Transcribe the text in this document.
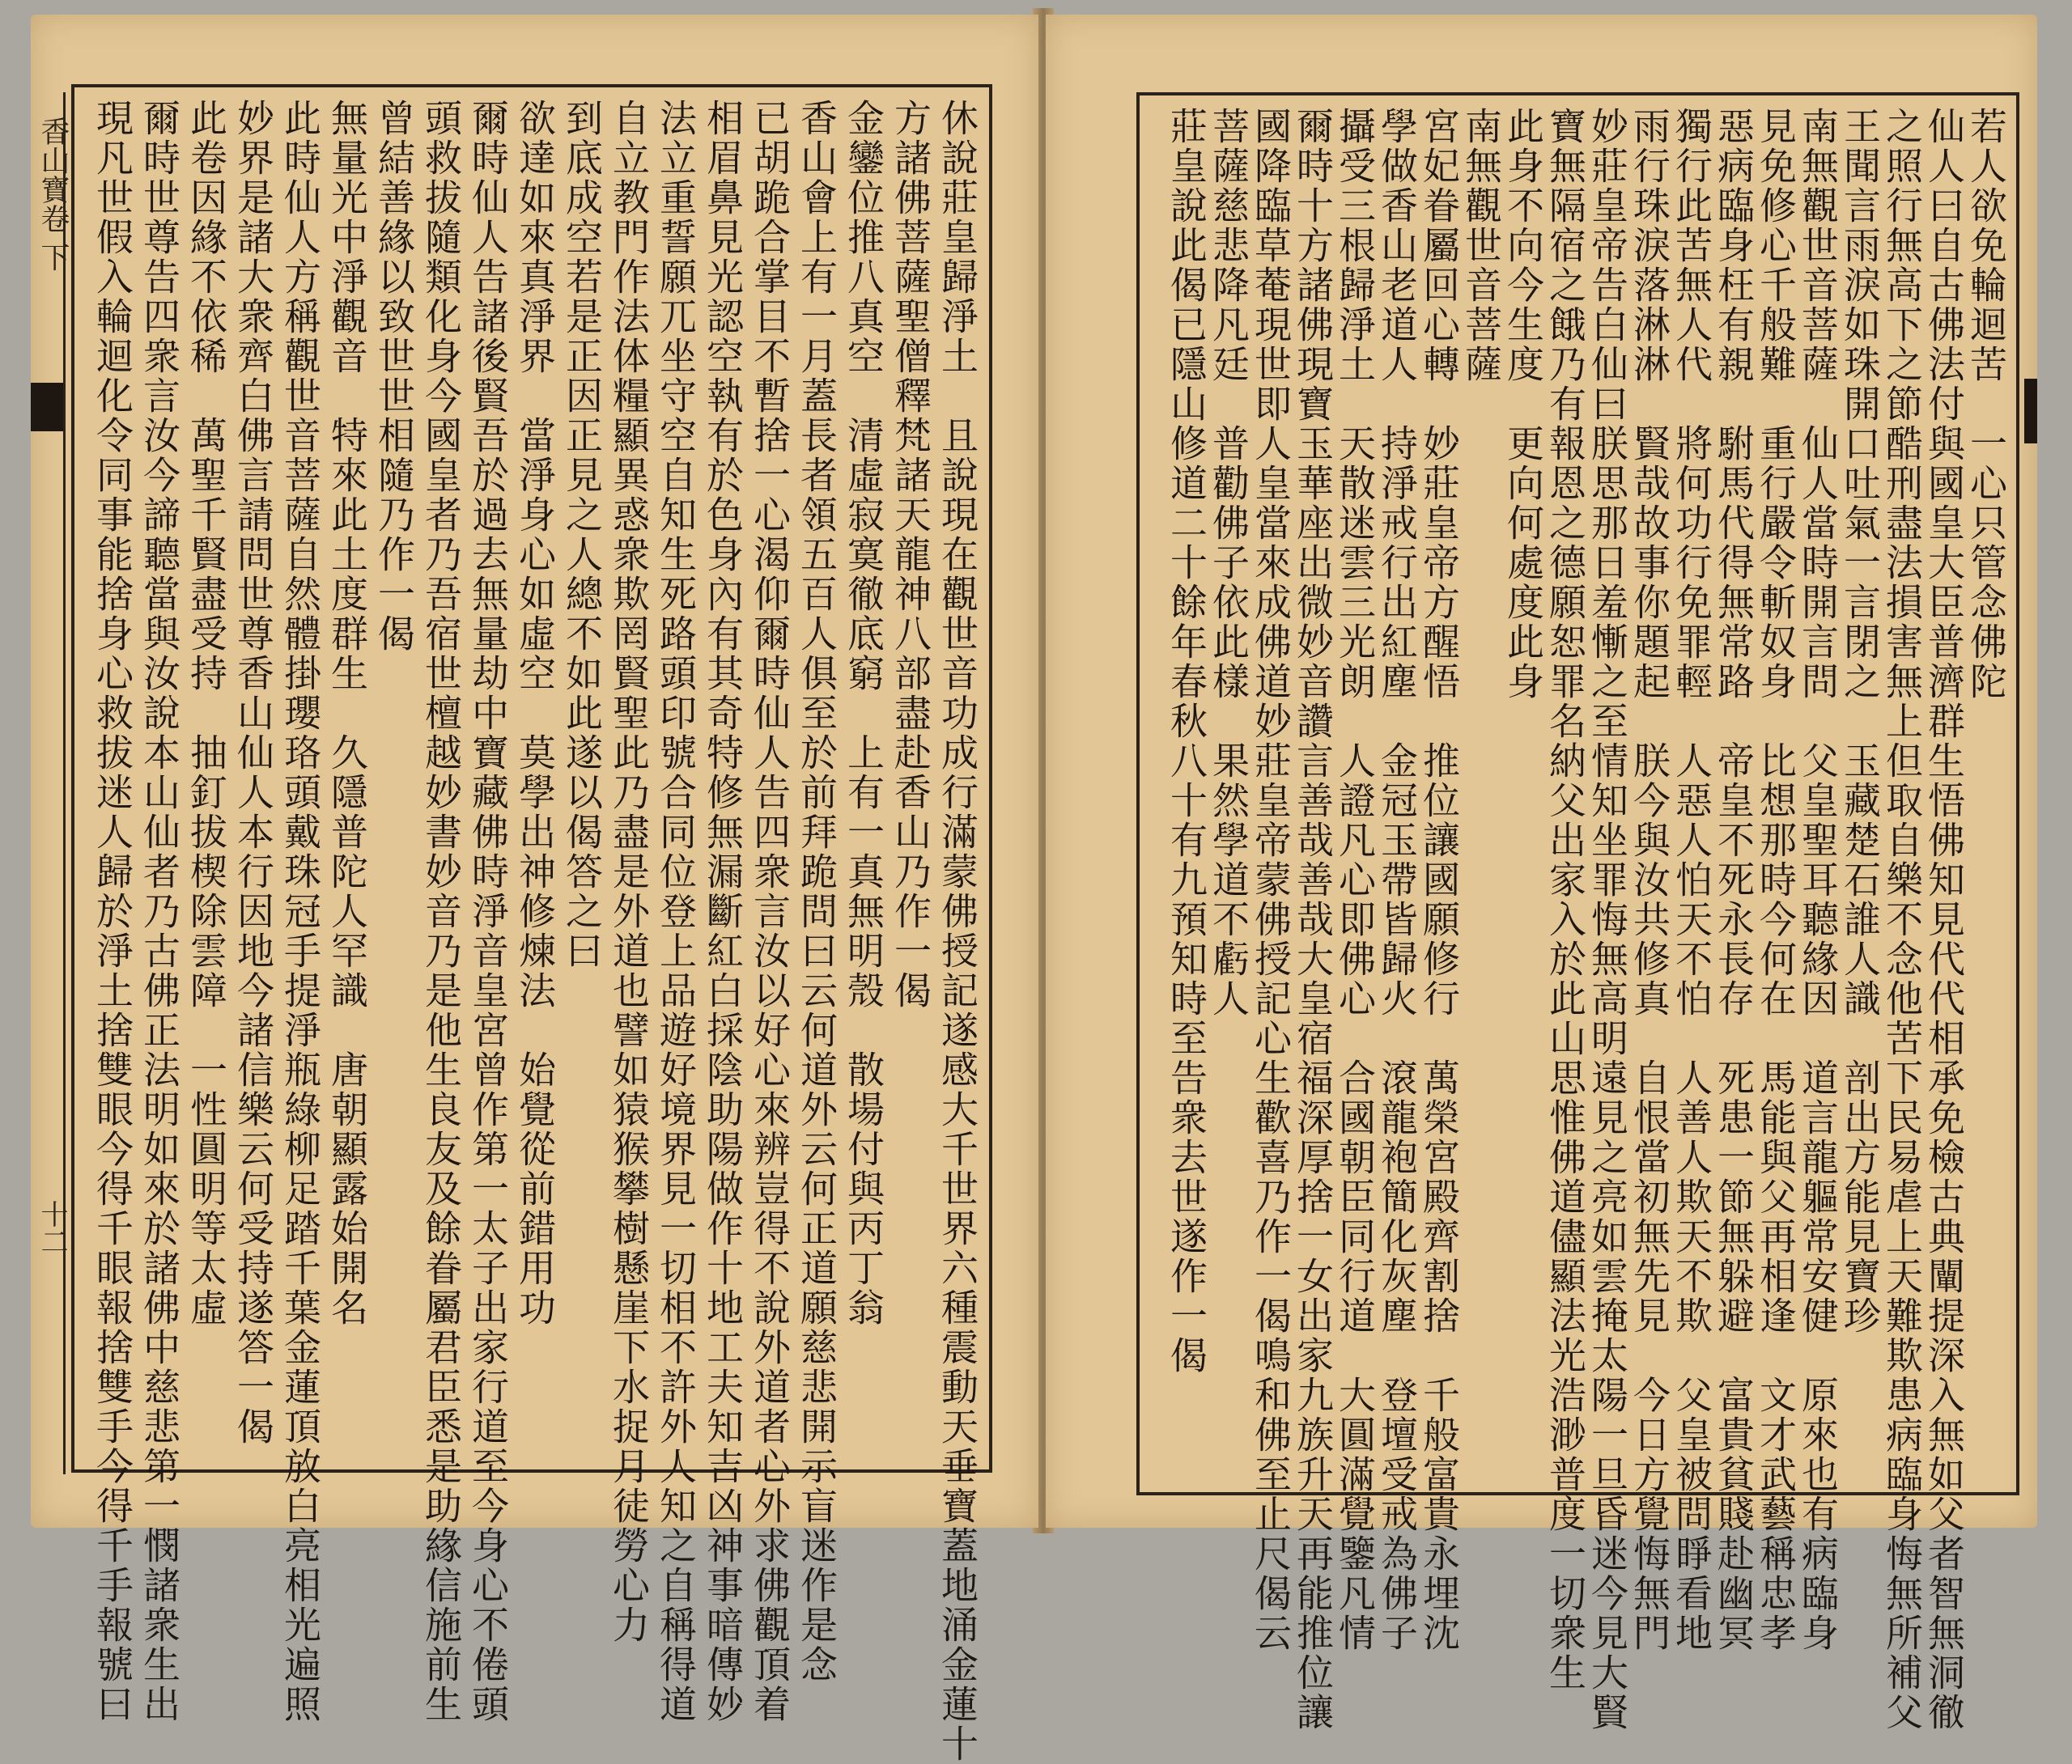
香山寶卷 下
十二	休說莊皇歸淨土　且說現在觀世音功成行滿蒙佛授記遂感大千世界六種震動天垂寶蓋地涌金蓮十
方諸佛菩薩聖僧釋梵諸天龍神八部盡赴香山乃作一偈
金鑾位推八真空　清虛寂寞徹底窮　上有一真無明殼　散場付與丙丁翁
香山會上有一月蓋長者領五百人俱至於前拜跪問曰云何道外云何正道願慈悲開示盲迷作是念
已胡跪合掌目不暫捨一心渴仰爾時仙人告四衆言汝以好心來辨豈得不說外道者心外求佛觀頂着
相眉鼻見光認空執有於色身內有其奇特修無漏斷紅白採陰助陽做作十地工夫知吉凶神事暗傳妙
法立重誓願兀坐守空自知生死路頭印號合同位登上品遊好境界見一切相不許外人知之自稱得道
自立教門作法体糧顯異惑衆欺罔賢聖此乃盡是外道也譬如猿猴攀樹懸崖下水捉月徒勞心力
到底成空若是正因正見之人總不如此遂以偈答之曰
欲達如來真淨界　當淨身心如虛空　莫學出神修煉法　始覺從前錯用功
爾時仙人告諸後賢吾於過去無量劫中寶藏佛時淨音皇宮曾作第一太子出家行道至今身心不倦頭
頭救拔隨類化身今國皇者乃吾宿世檀越妙書妙音乃是他生良友及餘眷屬君臣悉是助緣信施前生
曾結善緣以致世世相隨乃作一偈
無量光中淨觀音　特來此土度群生　久隱普陀人罕識　唐朝顯露始開名
此時仙人方稱觀世音菩薩自然體掛瓔珞頭戴珠冠手提淨瓶綠柳足踏千葉金蓮頂放白亮相光遍照
妙界是諸大衆齊白佛言請問世尊香山仙人本行因地今諸信樂云何受持遂答一偈
此卷因緣不依稀　萬聖千賢盡受持　抽釘拔楔除雲障　一性圓明等太虛
爾時世尊告四衆言汝今諦聽當與汝說本山仙者乃古佛正法明如來於諸佛中慈悲第一憫諸衆生出
現凡世假入輪迴化令同事能捨身心救拔迷人歸於淨土捨雙眼今得千眼報捨雙手今得千手報號曰	若人欲免輪迴苦　一心只管念佛陀
仙人曰自古佛法付與國皇大臣普濟群生悟佛知見代代相承免檢古典闡提深入無如父者智無洞徹
之照行無高下之節酷刑盡法損害無上但取自樂不念他苦下民易虐上天難欺患病臨身悔無所補父
王聞言雨淚如珠開口吐氣一言閉之　玉藏楚石誰人識　剖出方能見寶珍
南無觀世音菩薩　仙人當時開言問　父皇聖耳聽緣因　道言龍軀常安健　原來也有病臨身
見免修心千般難　重行嚴令斬奴身　比想那時今何在　馬能與父再相逢　文才武藝稱忠孝
惡病臨身枉有親　駙馬代得無常路　帝皇不死永長存　死患一節無躲避　富貴貧賤赴幽冥
獨行此苦無人代　將何功行免罪輕　人惡人怕天不怕　人善人欺天不欺　父皇被問睜看地
雨行珠淚落淋淋　賢哉故事你題起　朕今與汝共修真　自恨當初無先見　今日方覺悔無門
妙莊皇帝告白仙曰朕思那日羞慚之至情知坐罪悔無高明遠見之亮如雲掩太陽一旦昏迷今見大賢
寶無隔宿之餓乃有報恩之德願恕罪名納父出家入於此山思惟佛道儘顯法光浩渺普度一切衆生
此身不向今生度　更向何處度此身
南無觀世音菩薩
宮妃眷屬回心轉　妙莊皇帝方醒悟　推位讓國願修行　萬榮宮殿齊割捨　千般富貴永埋沈
學做香山老道人　持淨戒行出紅塵　金冠玉帶皆歸火　滾龍袍簡化灰塵　登壇受戒為佛子
攝受三根歸淨土　天散迷雲三光朗　人證凡心即佛心　合國朝臣同行道　大圓滿覺鑒凡情
爾時十方諸佛現寶玉華座出微妙音讚言善哉善哉大皇宿福深厚捨一女出家九族升天再能推位讓
國降臨草菴現世即人皇當來成佛道妙莊皇帝蒙佛授記心生歡喜乃作一偈鳴和佛至止尺偈云
菩薩慈悲降凡廷　普勸佛子依此樣　果然學道不虧人
莊皇說此偈已隱山修道二十餘年春秋八十有九預知時至告衆去世遂作一偈
